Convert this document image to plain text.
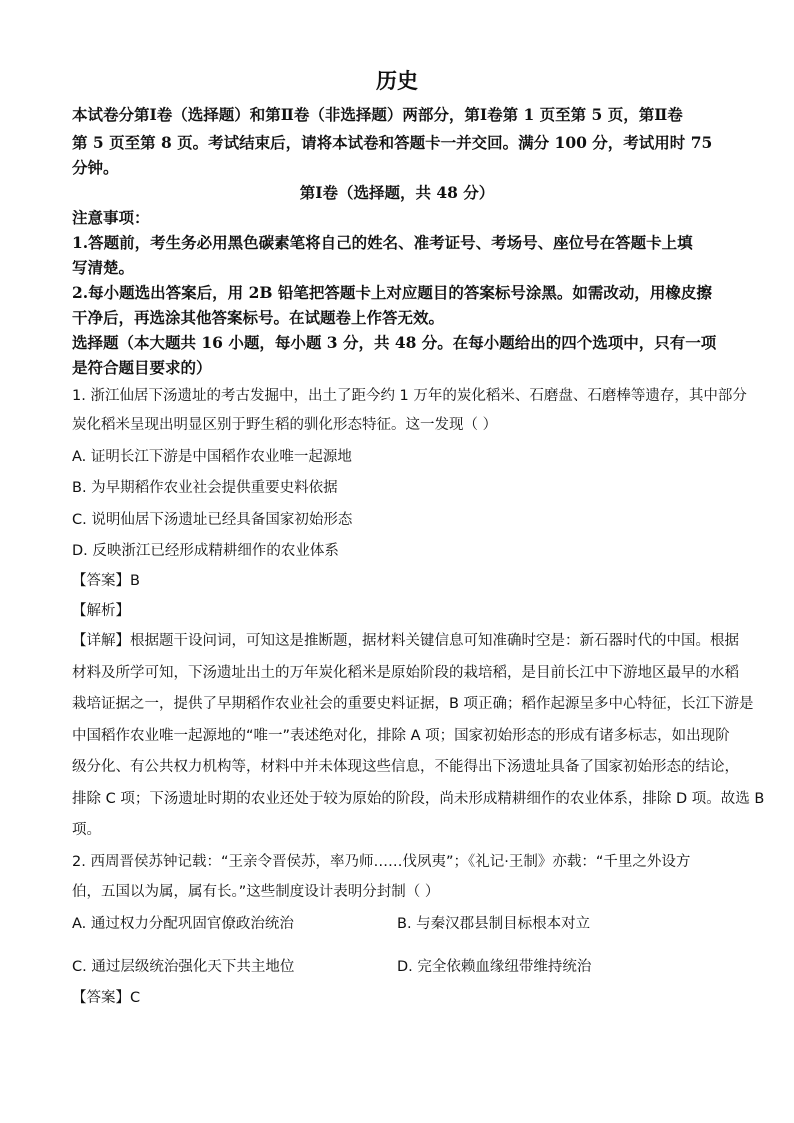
历史
本试卷分第Ⅰ卷（选择题）和第Ⅱ卷（非选择题）两部分，第Ⅰ卷第 1 页至第 5 页，第Ⅱ卷
第 5 页至第 8 页。考试结束后，请将本试卷和答题卡一并交回。满分 100 分，考试用时 75
分钟。
第Ⅰ卷（选择题，共 48 分）
注意事项：
1.答题前，考生务必用黑色碳素笔将自己的姓名、准考证号、考场号、座位号在答题卡上填
写清楚。
2.每小题选出答案后，用 2B 铅笔把答题卡上对应题目的答案标号涂黑。如需改动，用橡皮擦
干净后，再选涂其他答案标号。在试题卷上作答无效。
选择题（本大题共 16 小题，每小题 3 分，共 48 分。在每小题给出的四个选项中，只有一项
是符合题目要求的）
1. 浙江仙居下汤遗址的考古发掘中，出土了距今约 1 万年的炭化稻米、石磨盘、石磨棒等遗存，其中部分
炭化稻米呈现出明显区别于野生稻的驯化形态特征。这一发现（ ）
A. 证明长江下游是中国稻作农业唯一起源地
B. 为早期稻作农业社会提供重要史料依据
C. 说明仙居下汤遗址已经具备国家初始形态
D. 反映浙江已经形成精耕细作的农业体系
【答案】B
【解析】
【详解】根据题干设问词，可知这是推断题，据材料关键信息可知准确时空是：新石器时代的中国。根据
材料及所学可知，下汤遗址出土的万年炭化稻米是原始阶段的栽培稻，是目前长江中下游地区最早的水稻
栽培证据之一，提供了早期稻作农业社会的重要史料证据，B 项正确；稻作起源呈多中心特征，长江下游是
中国稻作农业唯一起源地的“唯一”表述绝对化，排除 A 项；国家初始形态的形成有诸多标志，如出现阶
级分化、有公共权力机构等，材料中并未体现这些信息，不能得出下汤遗址具备了国家初始形态的结论，
排除 C 项；下汤遗址时期的农业还处于较为原始的阶段，尚未形成精耕细作的农业体系，排除 D 项。故选 B
项。
2. 西周晋侯苏钟记载：“王亲令晋侯苏，率乃师……伐夙夷”；《礼记·王制》亦载：“千里之外设方
伯，五国以为属，属有长。”这些制度设计表明分封制（ ）
A. 通过权力分配巩固官僚政治统治	B. 与秦汉郡县制目标根本对立
C. 通过层级统治强化天下共主地位	D. 完全依赖血缘纽带维持统治
【答案】C
